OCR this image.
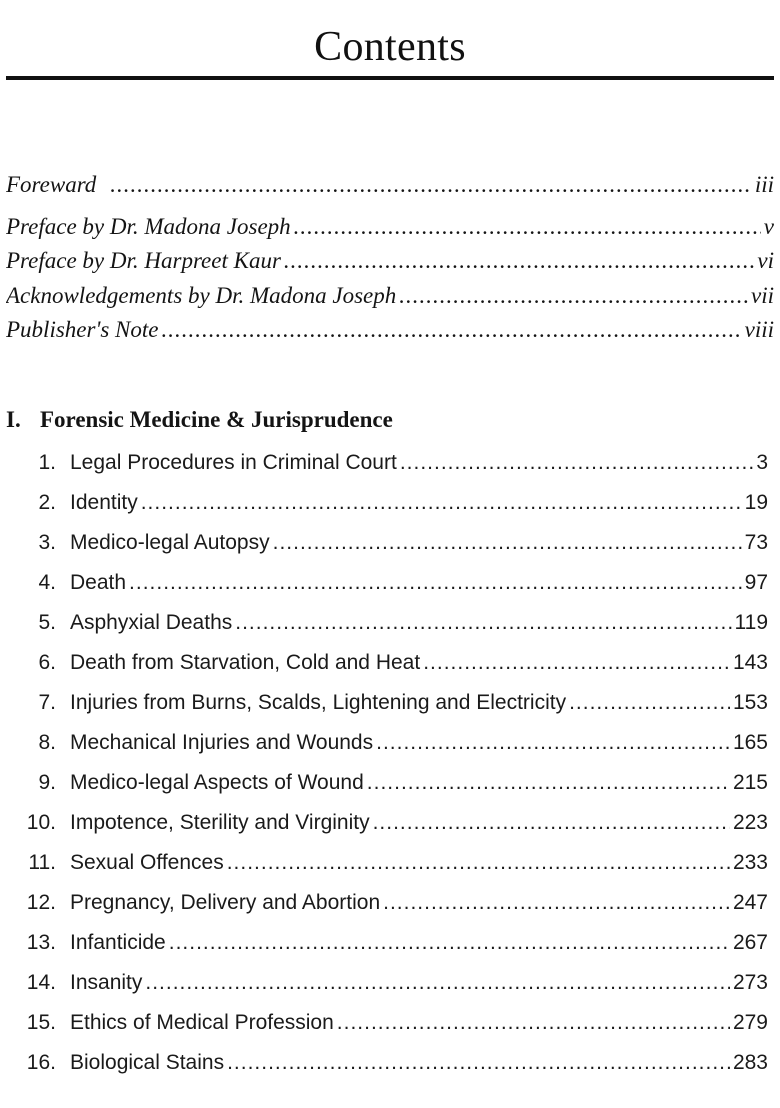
Contents
Foreward .....	iii
Preface by Dr. Madona Joseph .....	v
Preface by Dr. Harpreet Kaur .....	vi
Acknowledgements by Dr. Madona Joseph .....	vii
Publisher's Note .....	viii
I. Forensic Medicine & Jurisprudence
1. Legal Procedures in Criminal Court .....	3
2. Identity .....	19
3. Medico-legal Autopsy .....	73
4. Death .....	97
5. Asphyxial Deaths .....	119
6. Death from Starvation, Cold and Heat .....	143
7. Injuries from Burns, Scalds, Lightening and Electricity .....	153
8. Mechanical Injuries and Wounds .....	165
9. Medico-legal Aspects of Wound .....	215
10. Impotence, Sterility and Virginity .....	223
11. Sexual Offences .....	233
12. Pregnancy, Delivery and Abortion .....	247
13. Infanticide .....	267
14. Insanity .....	273
15. Ethics of Medical Profession .....	279
16. Biological Stains .....	283
